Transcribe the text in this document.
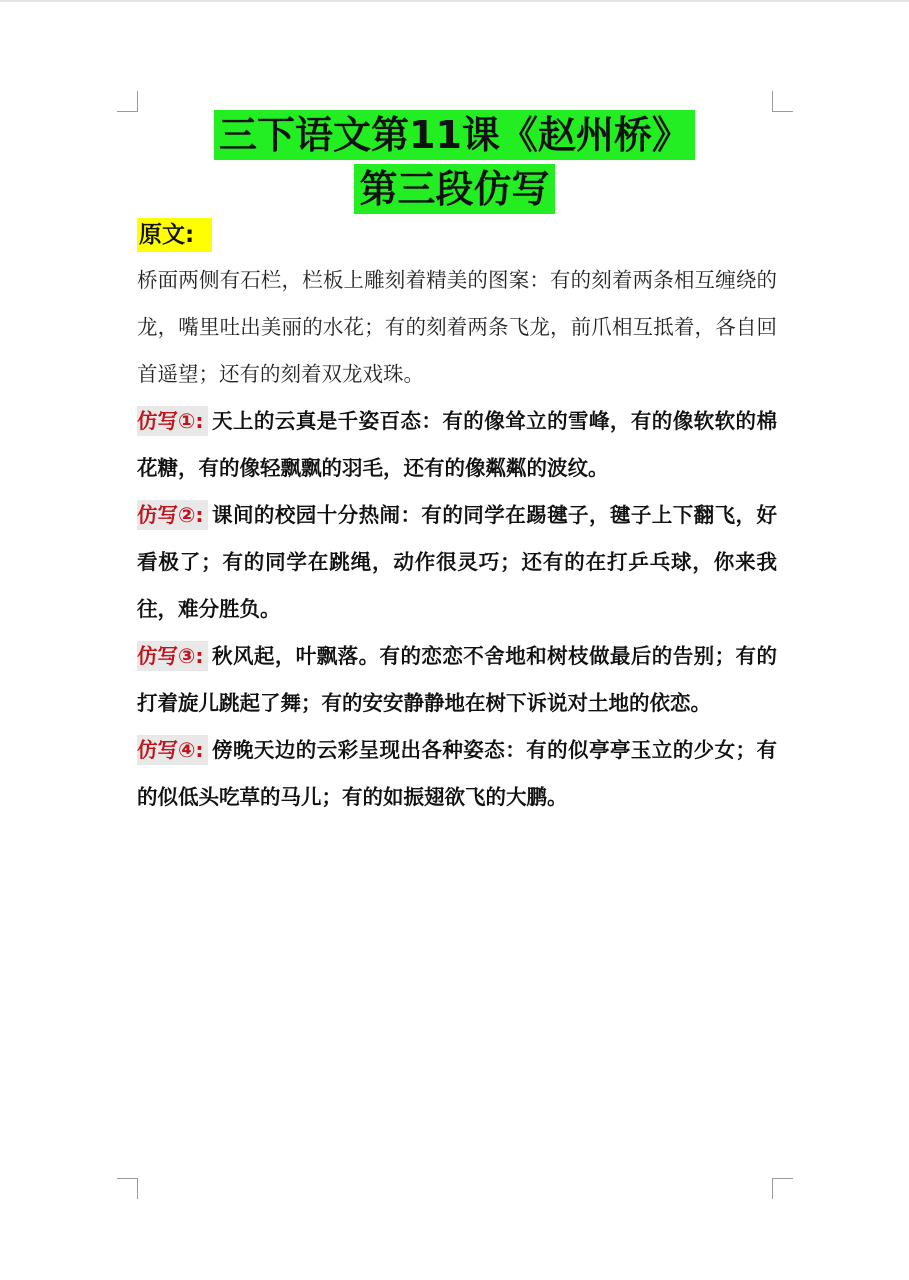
三下语文第11课《赵州桥》
第三段仿写
原文:

桥面两侧有石栏，栏板上雕刻着精美的图案：有的刻着两条相互缠绕的龙，嘴里吐出美丽的水花；有的刻着两条飞龙，前爪相互抵着，各自回首遥望；还有的刻着双龙戏珠。

仿写①: 天上的云真是千姿百态：有的像耸立的雪峰，有的像软软的棉花糖，有的像轻飘飘的羽毛，还有的像粼粼的波纹。

仿写②: 课间的校园十分热闹：有的同学在踢毽子，毽子上下翻飞，好看极了；有的同学在跳绳，动作很灵巧；还有的在打乒乓球，你来我往，难分胜负。

仿写③: 秋风起，叶飘落。有的恋恋不舍地和树枝做最后的告别；有的打着旋儿跳起了舞；有的安安静静地在树下诉说对土地的依恋。

仿写④: 傍晚天边的云彩呈现出各种姿态：有的似亭亭玉立的少女；有的似低头吃草的马儿；有的如振翅欲飞的大鹏。
